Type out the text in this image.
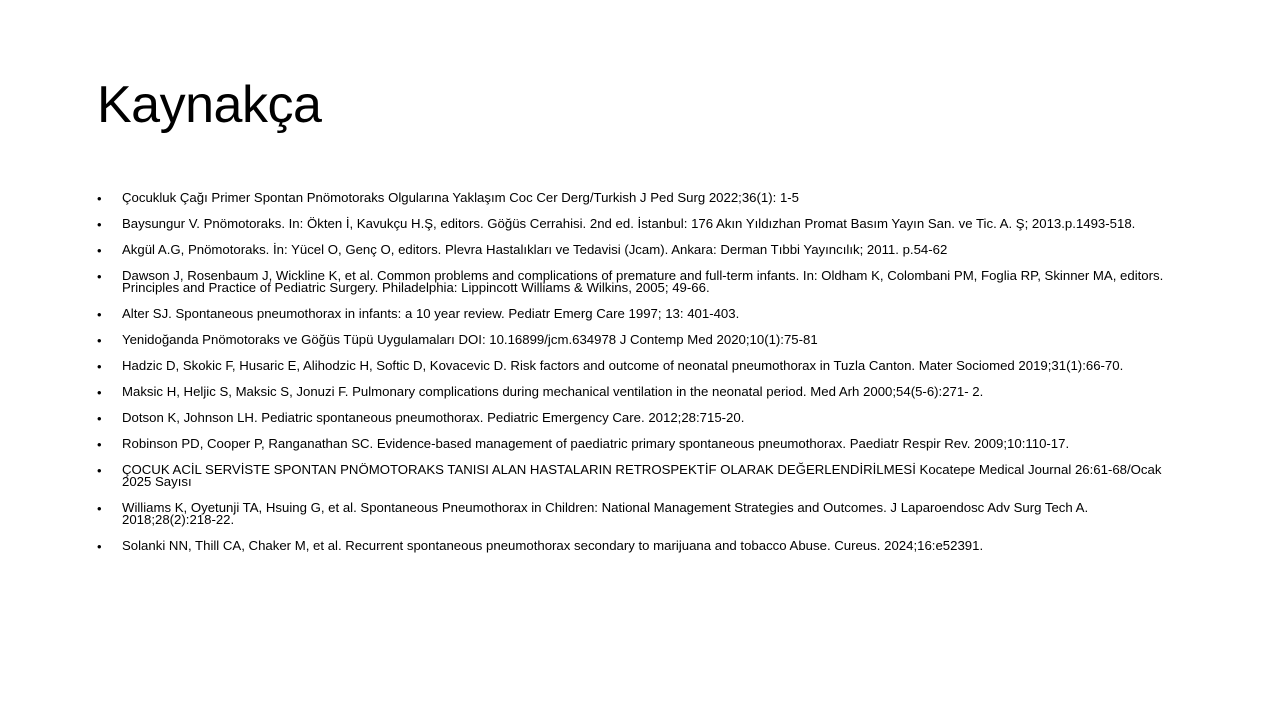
Kaynakça
• Çocukluk Çağı Primer Spontan Pnömotoraks Olgularına Yaklaşım Coc Cer Derg/Turkish J Ped Surg 2022;36(1): 1-5
• Baysungur V. Pnömotoraks. In: Ökten İ, Kavukçu H.Ş, editors. Göğüs Cerrahisi. 2nd ed. İstanbul: 176 Akın Yıldızhan Promat Basım Yayın San. ve Tic. A. Ş; 2013.p.1493-518.
• Akgül A.G, Pnömotoraks. İn: Yücel O, Genç O, editors. Plevra Hastalıkları ve Tedavisi (Jcam). Ankara: Derman Tıbbi Yayıncılık; 2011. p.54-62
• Dawson J, Rosenbaum J, Wickline K, et al. Common problems and complications of premature and full-term infants. In: Oldham K, Colombani PM, Foglia RP, Skinner MA, editors. Principles and Practice of Pediatric Surgery. Philadelphia: Lippincott Williams & Wilkins, 2005; 49-66.
• Alter SJ. Spontaneous pneumothorax in infants: a 10 year review. Pediatr Emerg Care 1997; 13: 401-403.
• Yenidoğanda Pnömotoraks ve Göğüs Tüpü Uygulamaları DOI: 10.16899/jcm.634978 J Contemp Med 2020;10(1):75-81
• Hadzic D, Skokic F, Husaric E, Alihodzic H, Softic D, Kovacevic D. Risk factors and outcome of neonatal pneumothorax in Tuzla Canton. Mater Sociomed 2019;31(1):66-70.
• Maksic H, Heljic S, Maksic S, Jonuzi F. Pulmonary complications during mechanical ventilation in the neonatal period. Med Arh 2000;54(5-6):271- 2.
• Dotson K, Johnson LH. Pediatric spontaneous pneumothorax. Pediatric Emergency Care. 2012;28:715-20.
• Robinson PD, Cooper P, Ranganathan SC. Evidence-based management of paediatric primary spontaneous pneumothorax. Paediatr Respir Rev. 2009;10:110-17.
• ÇOCUK ACİL SERVİSTE SPONTAN PNÖMOTORAKS TANISI ALAN HASTALARIN RETROSPEKTİF OLARAK DEĞERLENDİRİLMESİ Kocatepe Medical Journal 26:61-68/Ocak 2025 Sayısı
• Williams K, Oyetunji TA, Hsuing G, et al. Spontaneous Pneumothorax in Children: National Management Strategies and Outcomes. J Laparoendosc Adv Surg Tech A. 2018;28(2):218-22.
• Solanki NN, Thill CA, Chaker M, et al. Recurrent spontaneous pneumothorax secondary to marijuana and tobacco Abuse. Cureus. 2024;16:e52391.
